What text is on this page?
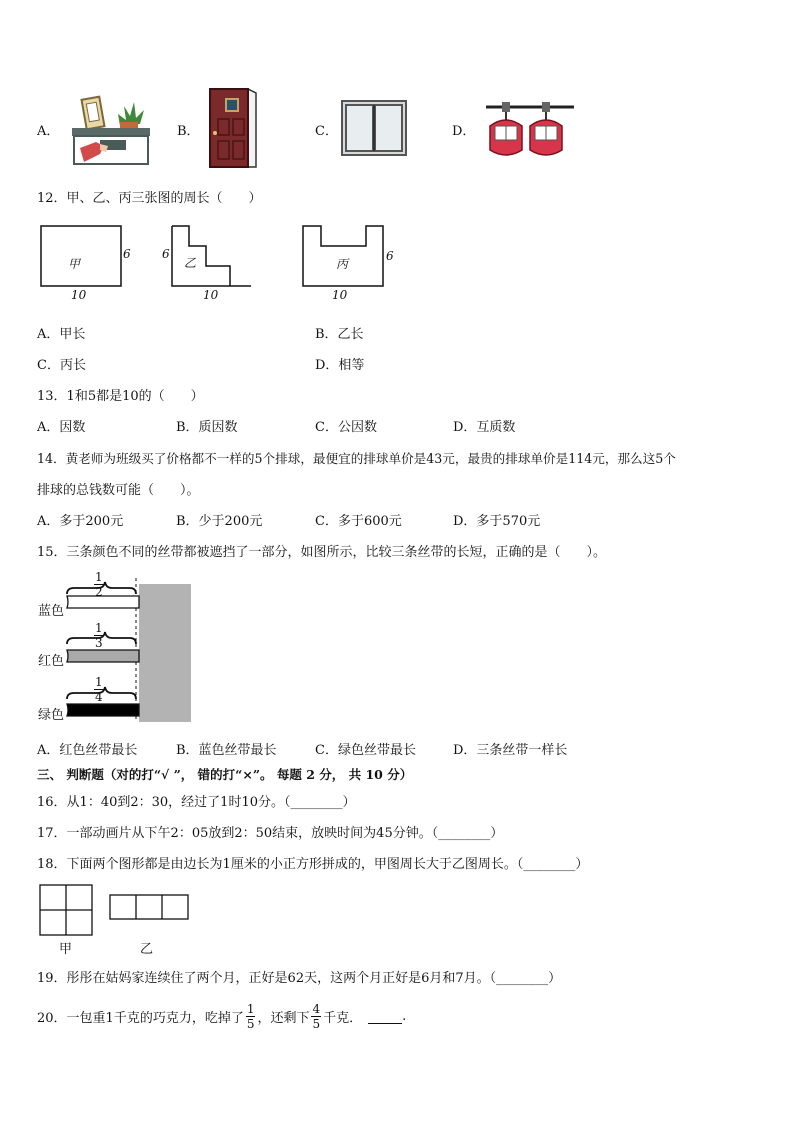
A．	B．	C．	D．
12．甲、乙、丙三张图的周长（　　）
甲
6
10
6
乙
10
丙
6
10
A．甲长	B．乙长
C．丙长	D．相等
13．1和5都是10的（　　）
A．因数	B．质因数	C．公因数	D．互质数
14．黄老师为班级买了价格都不一样的5个排球，最便宜的排球单价是43元，最贵的排球单价是114元，那么这5个
排球的总钱数可能（　　）。
A．多于200元	B．少于200元	C．多于600元	D．多于570元
15．三条颜色不同的丝带都被遮挡了一部分，如图所示，比较三条丝带的长短，正确的是（　　）。
$\frac{1}{2}$
$\frac{1}{3}$
$\frac{1}{4}$
蓝色
红色
绿色
A．红色丝带最长	B．蓝色丝带最长	C．绿色丝带最长	D．三条丝带一样长
三、 判断题（对的打“√ ”， 错的打“×”。 每题 2 分， 共 10 分）
16．从1：40到2：30，经过了1时10分。（________）
17．一部动画片从下午2：05放到2：50结束，放映时间为45分钟。（________）
18．下面两个图形都是由边长为1厘米的小正方形拼成的，甲图周长大于乙图周长。（________）
甲	乙
19．彤彤在姑妈家连续住了两个月，正好是62天，这两个月正好是6月和7月。（________）
20．一包重1千克的巧克力，吃掉了 $\frac{1}{5}$ ，还剩下 $\frac{4}{5}$ 千克．	.
